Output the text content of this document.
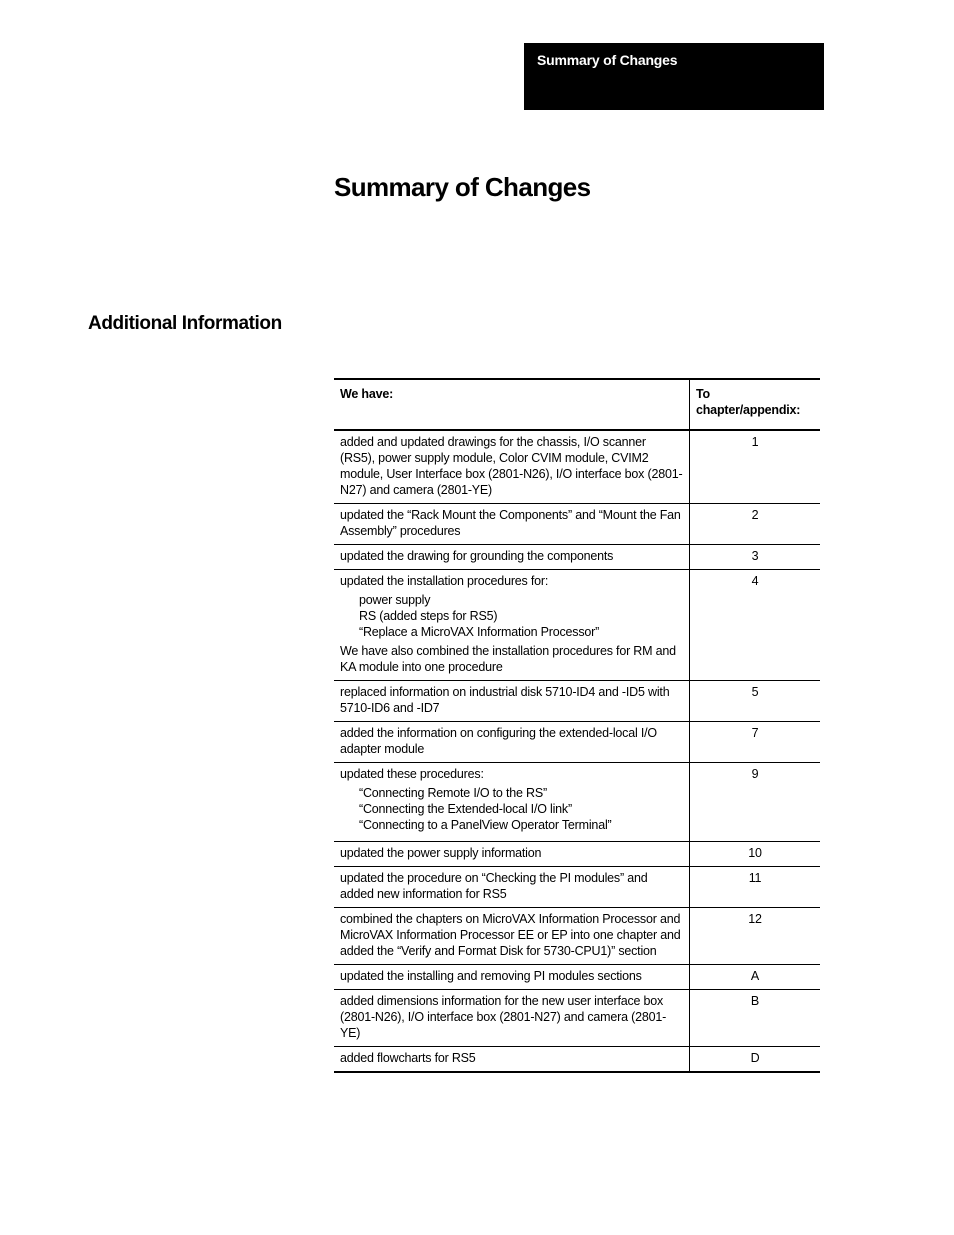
Summary of Changes
Summary of Changes
Additional Information
We have:	To chapter/appendix:
added and updated drawings for the chassis, I/O scanner (RS5), power supply module, Color CVIM module, CVIM2 module, User Interface box (2801-N26), I/O interface box (2801-N27) and camera (2801-YE)	1
updated the “Rack Mount the Components” and “Mount the Fan Assembly” procedures	2
updated the drawing for grounding the components	3
updated the installation procedures for:
power supply
RS (added steps for RS5)
“Replace a MicroVAX Information Processor”
We have also combined the installation procedures for RM and KA module into one procedure	4
replaced information on industrial disk 5710-ID4 and -ID5 with 5710-ID6 and -ID7	5
added the information on configuring the extended-local I/O adapter module	7
updated these procedures:
“Connecting Remote I/O to the RS”
“Connecting the Extended-local I/O link”
“Connecting to a PanelView Operator Terminal”	9
updated the power supply information	10
updated the procedure on “Checking the PI modules” and added new information for RS5	11
combined the chapters on MicroVAX Information Processor and MicroVAX Information Processor EE or EP into one chapter and added the “Verify and Format Disk for 5730-CPU1)” section	12
updated the installing and removing PI modules sections	A
added dimensions information for the new user interface box (2801-N26), I/O interface box (2801-N27) and camera (2801-YE)	B
added flowcharts for RS5	D
